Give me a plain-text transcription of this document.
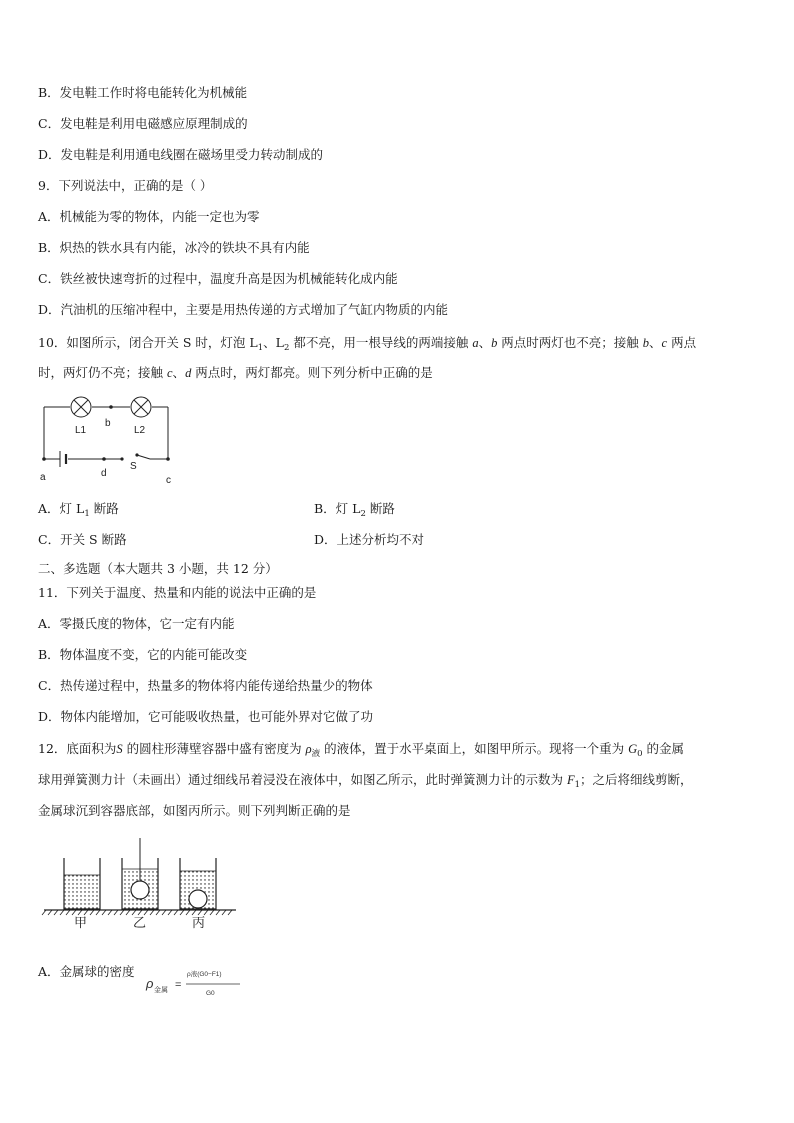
B．发电鞋工作时将电能转化为机械能
C．发电鞋是利用电磁感应原理制成的
D．发电鞋是利用通电线圈在磁场里受力转动制成的
9．下列说法中，正确的是（ ）
A．机械能为零的物体，内能一定也为零
B．炽热的铁水具有内能，冰冷的铁块不具有内能
C．铁丝被快速弯折的过程中，温度升高是因为机械能转化成内能
D．汽油机的压缩冲程中，主要是用热传递的方式增加了气缸内物质的内能
10．如图所示，闭合开关 S 时，灯泡 $L_1$、$L_2$ 都不亮，用一根导线的两端接触 a、b 两点时两灯也不亮；接触 b、c 两点
时，两灯仍不亮；接触 c、d 两点时，两灯都亮。则下列分析中正确的是
L1	L2
b
a	d
S
c
A．灯 $L_1$ 断路	B．灯 $L_2$ 断路
C．开关 S 断路	D．上述分析均不对
二、多选题（本大题共 3 小题，共 12 分）
11．下列关于温度、热量和内能的说法中正确的是
A．零摄氏度的物体，它一定有内能
B．物体温度不变，它的内能可能改变
C．热传递过程中，热量多的物体将内能传递给热量少的物体
D．物体内能增加，它可能吸收热量，也可能外界对它做了功
12．底面积为S 的圆柱形薄壁容器中盛有密度为 $\rho_液$ 的液体，置于水平桌面上，如图甲所示。现将一个重为 $G_0$ 的金属
球用弹簧测力计（未画出）通过细线吊着浸没在液体中，如图乙所示，此时弹簧测力计的示数为 $F_1$；之后将细线剪断，
金属球沉到容器底部，如图丙所示。则下列判断正确的是
甲	乙	丙
A．金属球的密度
ρ 金属 =
ρ液(G0−F1)
G0
